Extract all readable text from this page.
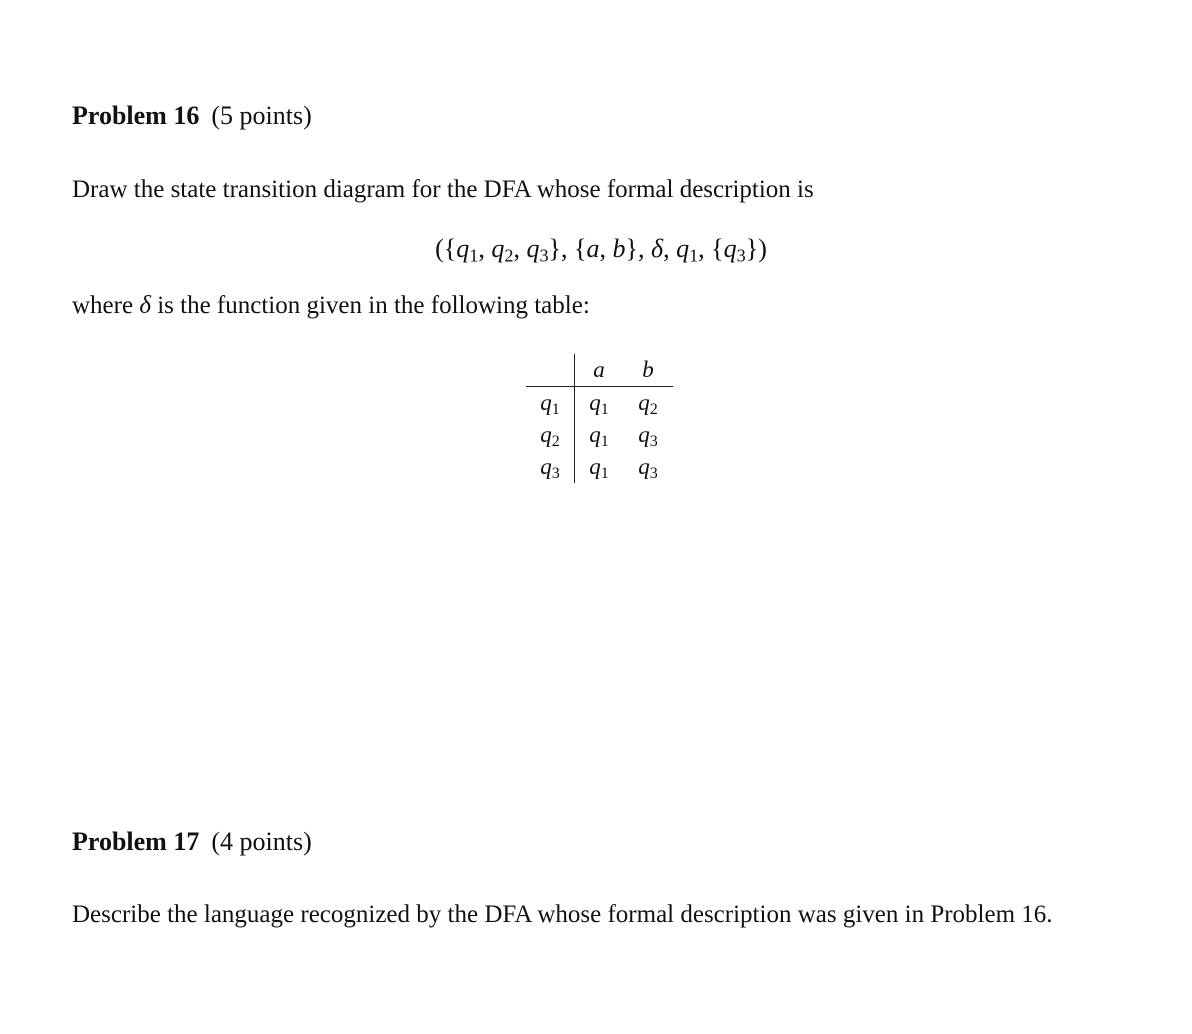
Problem 16 (5 points)
Draw the state transition diagram for the DFA whose formal description is
({$q_1$, $q_2$, $q_3$}, {a, b}, δ, $q_1$, $\{q_3\}$)
where δ is the function given in the following table:
	a	b
$q_1$	$q_1$	$q_2$
$q_2$	$q_1$	$q_3$
$q_3$	$q_1$	$q_3$
Problem 17 (4 points)
Describe the language recognized by the DFA whose formal description was given in Problem 16.
